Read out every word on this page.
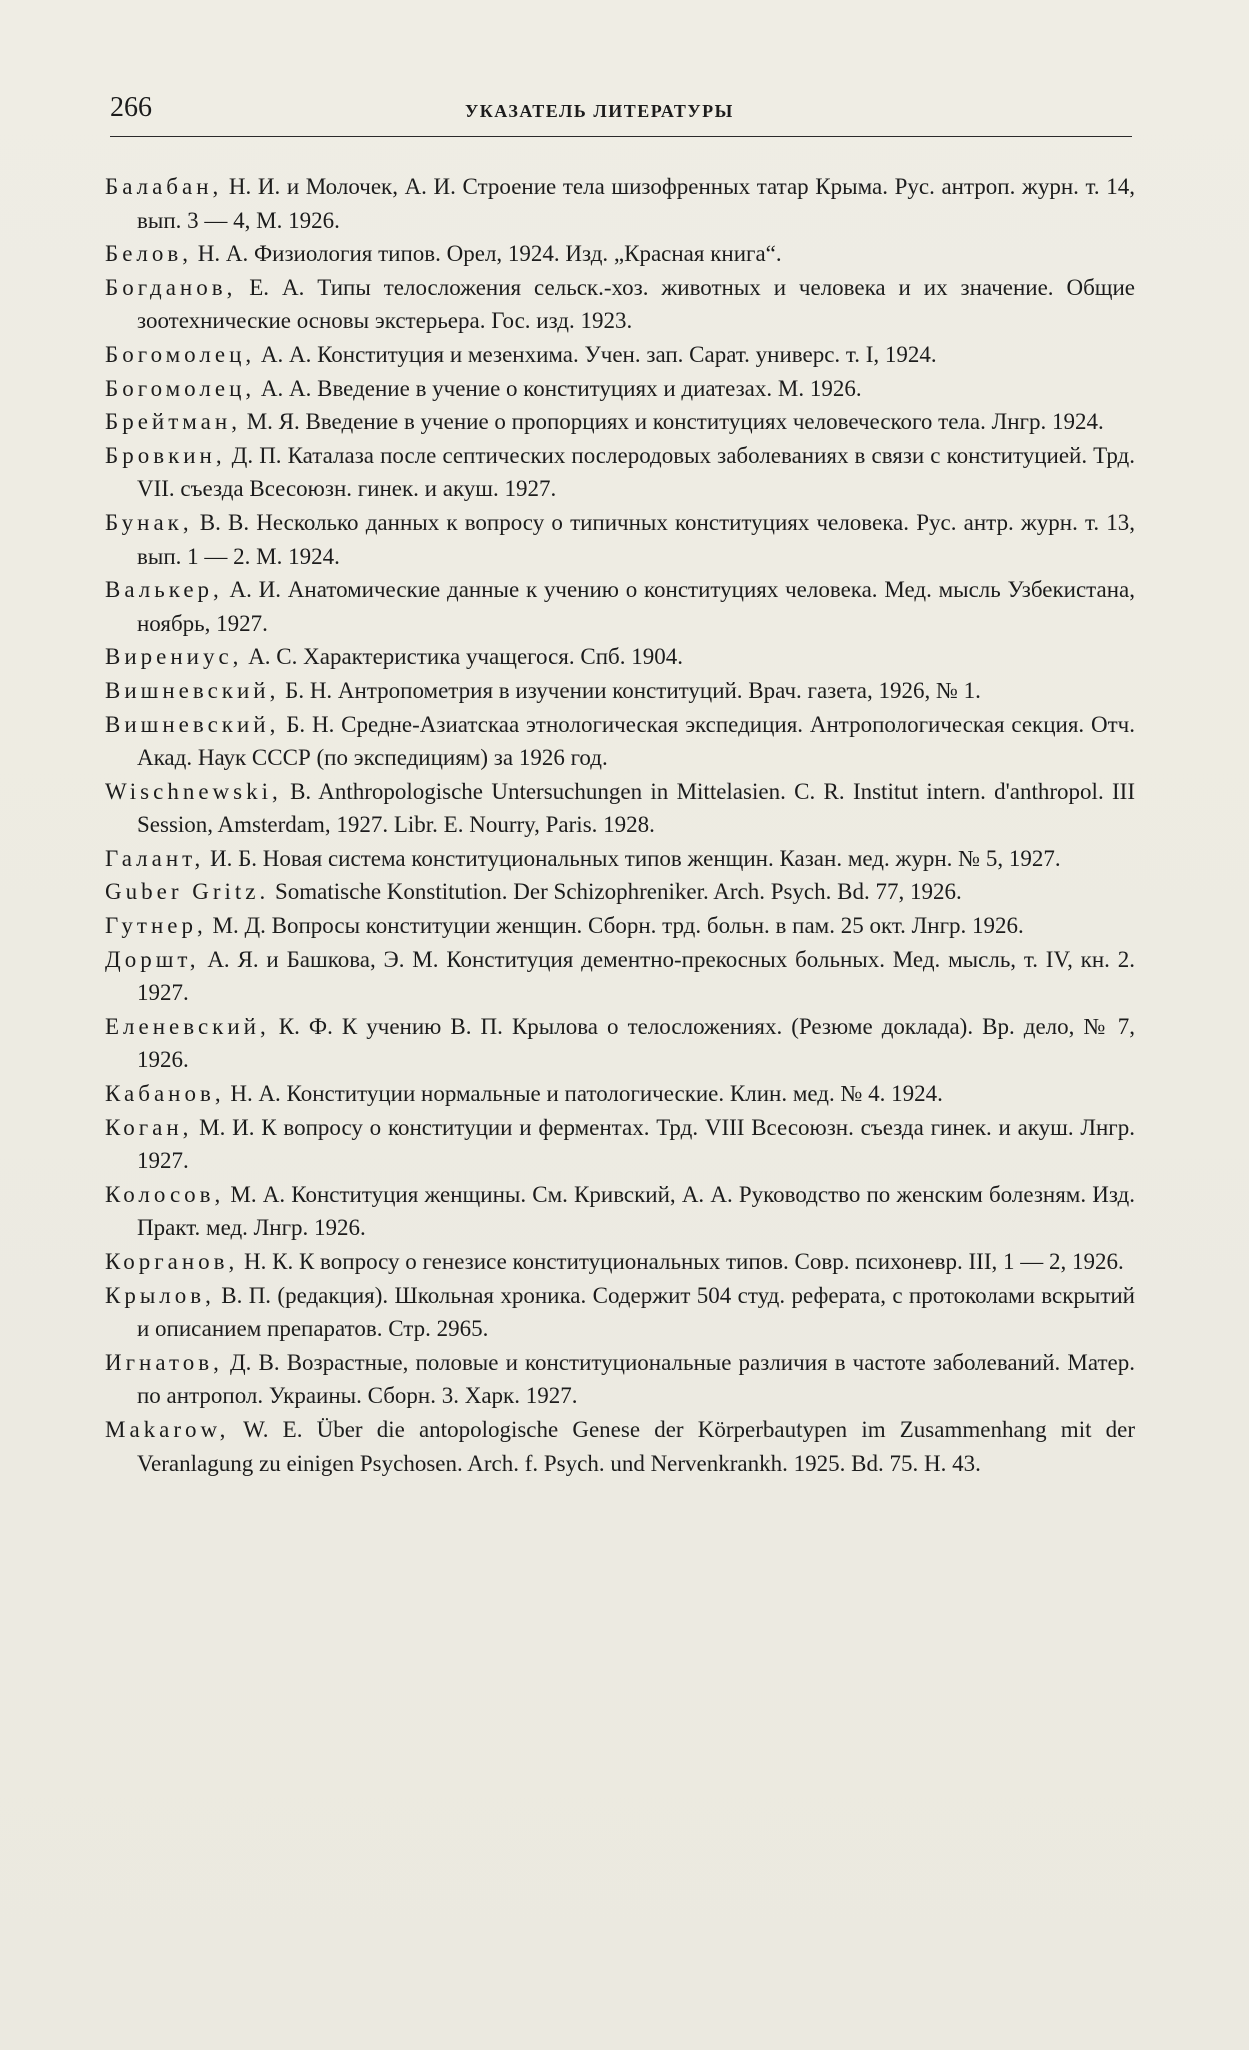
266	УКАЗАТЕЛЬ ЛИТЕРАТУРЫ
Балабан, Н. И. и Молочек, А. И. Строение тела шизофренных татар Крыма. Рус. антроп. журн. т. 14, вып. 3 — 4, М. 1926.
Белов, Н. А. Физиология типов. Орел, 1924. Изд. „Красная книга“.
Богданов, Е. А. Типы телосложения сельск.-хоз. животных и человека и их значение. Общие зоотехнические основы экстерьера. Гос. изд. 1923.
Богомолец, А. А. Конституция и мезенхима. Учен. зап. Сарат. универс. т. I, 1924.
Богомолец, А. А. Введение в учение о конституциях и диатезах. М. 1926.
Брейтман, М. Я. Введение в учение о пропорциях и конституциях человеческого тела. Лнгр. 1924.
Бровкин, Д. П. Каталаза после септических послеродовых заболеваниях в связи с конституцией. Трд. VII. съезда Всесоюзн. гинек. и акуш. 1927.
Бунак, В. В. Несколько данных к вопросу о типичных конституциях человека. Рус. антр. журн. т. 13, вып. 1 — 2. М. 1924.
Валькер, А. И. Анатомические данные к учению о конституциях человека. Мед. мысль Узбекистана, ноябрь, 1927.
Вирениус, А. С. Характеристика учащегося. Спб. 1904.
Вишневский, Б. Н. Антропометрия в изучении конституций. Врач. газета, 1926, № 1.
Вишневский, Б. Н. Средне-Азиатскаа этнологическая экспедиция. Антропологическая секция. Отч. Акад. Наук СССР (по экспедициям) за 1926 год.
Wischnewski, B. Anthropologische Untersuchungen in Mittelasien. C. R. Institut intern. d'anthropol. III Session, Amsterdam, 1927. Libr. E. Nourry, Paris. 1928.
Галант, И. Б. Новая система конституциональных типов женщин. Казан. мед. журн. № 5, 1927.
Guber Gritz. Somatische Konstitution. Der Schizophreniker. Arch. Psych. Bd. 77, 1926.
Гутнер, М. Д. Вопросы конституции женщин. Сборн. трд. больн. в пам. 25 окт. Лнгр. 1926.
Доршт, А. Я. и Башкова, Э. М. Конституция дементно-прекосных больных. Мед. мысль, т. IV, кн. 2. 1927.
Еленевский, К. Ф. К учению В. П. Крылова о телосложениях. (Резюме доклада). Вр. дело, № 7, 1926.
Кабанов, Н. А. Конституции нормальные и патологические. Клин. мед. № 4. 1924.
Коган, М. И. К вопросу о конституции и ферментах. Трд. VIII Всесоюзн. съезда гинек. и акуш. Лнгр. 1927.
Колосов, М. А. Конституция женщины. См. Кривский, А. А. Руководство по женским болезням. Изд. Практ. мед. Лнгр. 1926.
Корганов, Н. К. К вопросу о генезисе конституциональных типов. Совр. психоневр. III, 1 — 2, 1926.
Крылов, В. П. (редакция). Школьная хроника. Содержит 504 студ. реферата, с протоколами вскрытий и описанием препаратов. Стр. 2965.
Игнатов, Д. В. Возрастные, половые и конституциональные различия в частоте заболеваний. Матер. по антропол. Украины. Сборн. 3. Харк. 1927.
Makarow, W. E. Über die antopologische Genese der Körperbautypen im Zusammenhang mit der Veranlagung zu einigen Psychosen. Arch. f. Psych. und Nervenkrankh. 1925. Bd. 75. H. 43.
